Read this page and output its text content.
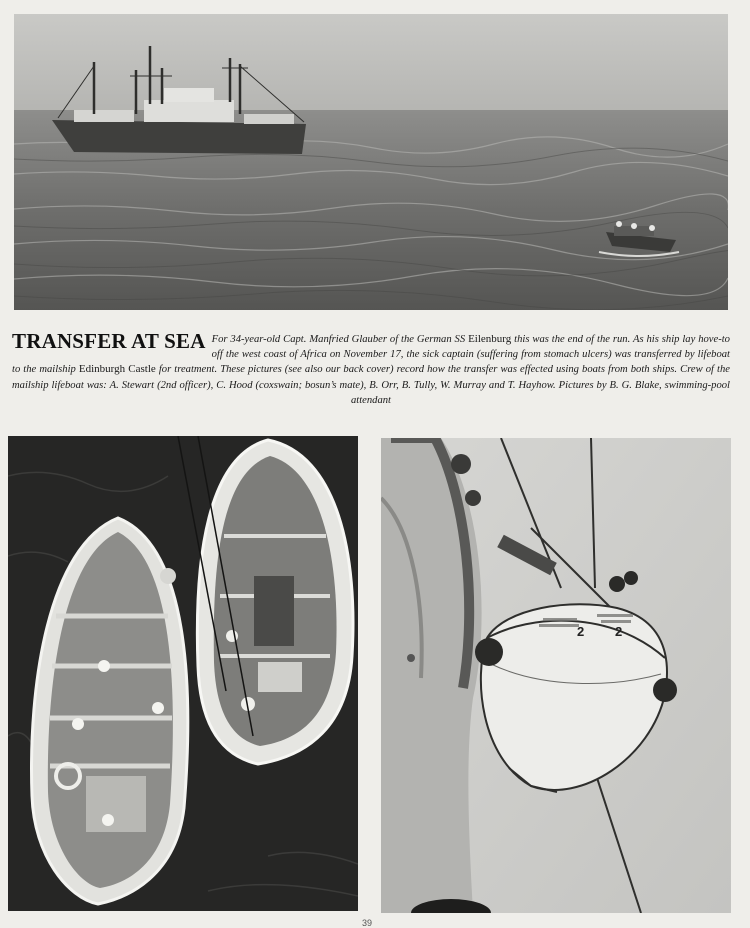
TRANSFER AT SEA For 34-year-old Capt. Manfried Glauber of the German SS Eilenburg this was the end of the run. As his ship lay hove-to off the west coast of Africa on November 17, the sick captain (suffering from stomach ulcers) was transferred by lifeboat to the mailship Edinburgh Castle for treatment. These pictures (see also our back cover) record how the transfer was effected using boats from both ships. Crew of the mailship lifeboat was: A. Stewart (2nd officer), C. Hood (coxswain; bosun’s mate), B. Orr, B. Tully, W. Murray and T. Hayhow. Pictures by B. G. Blake, swimming-pool attendant
2 2
39
